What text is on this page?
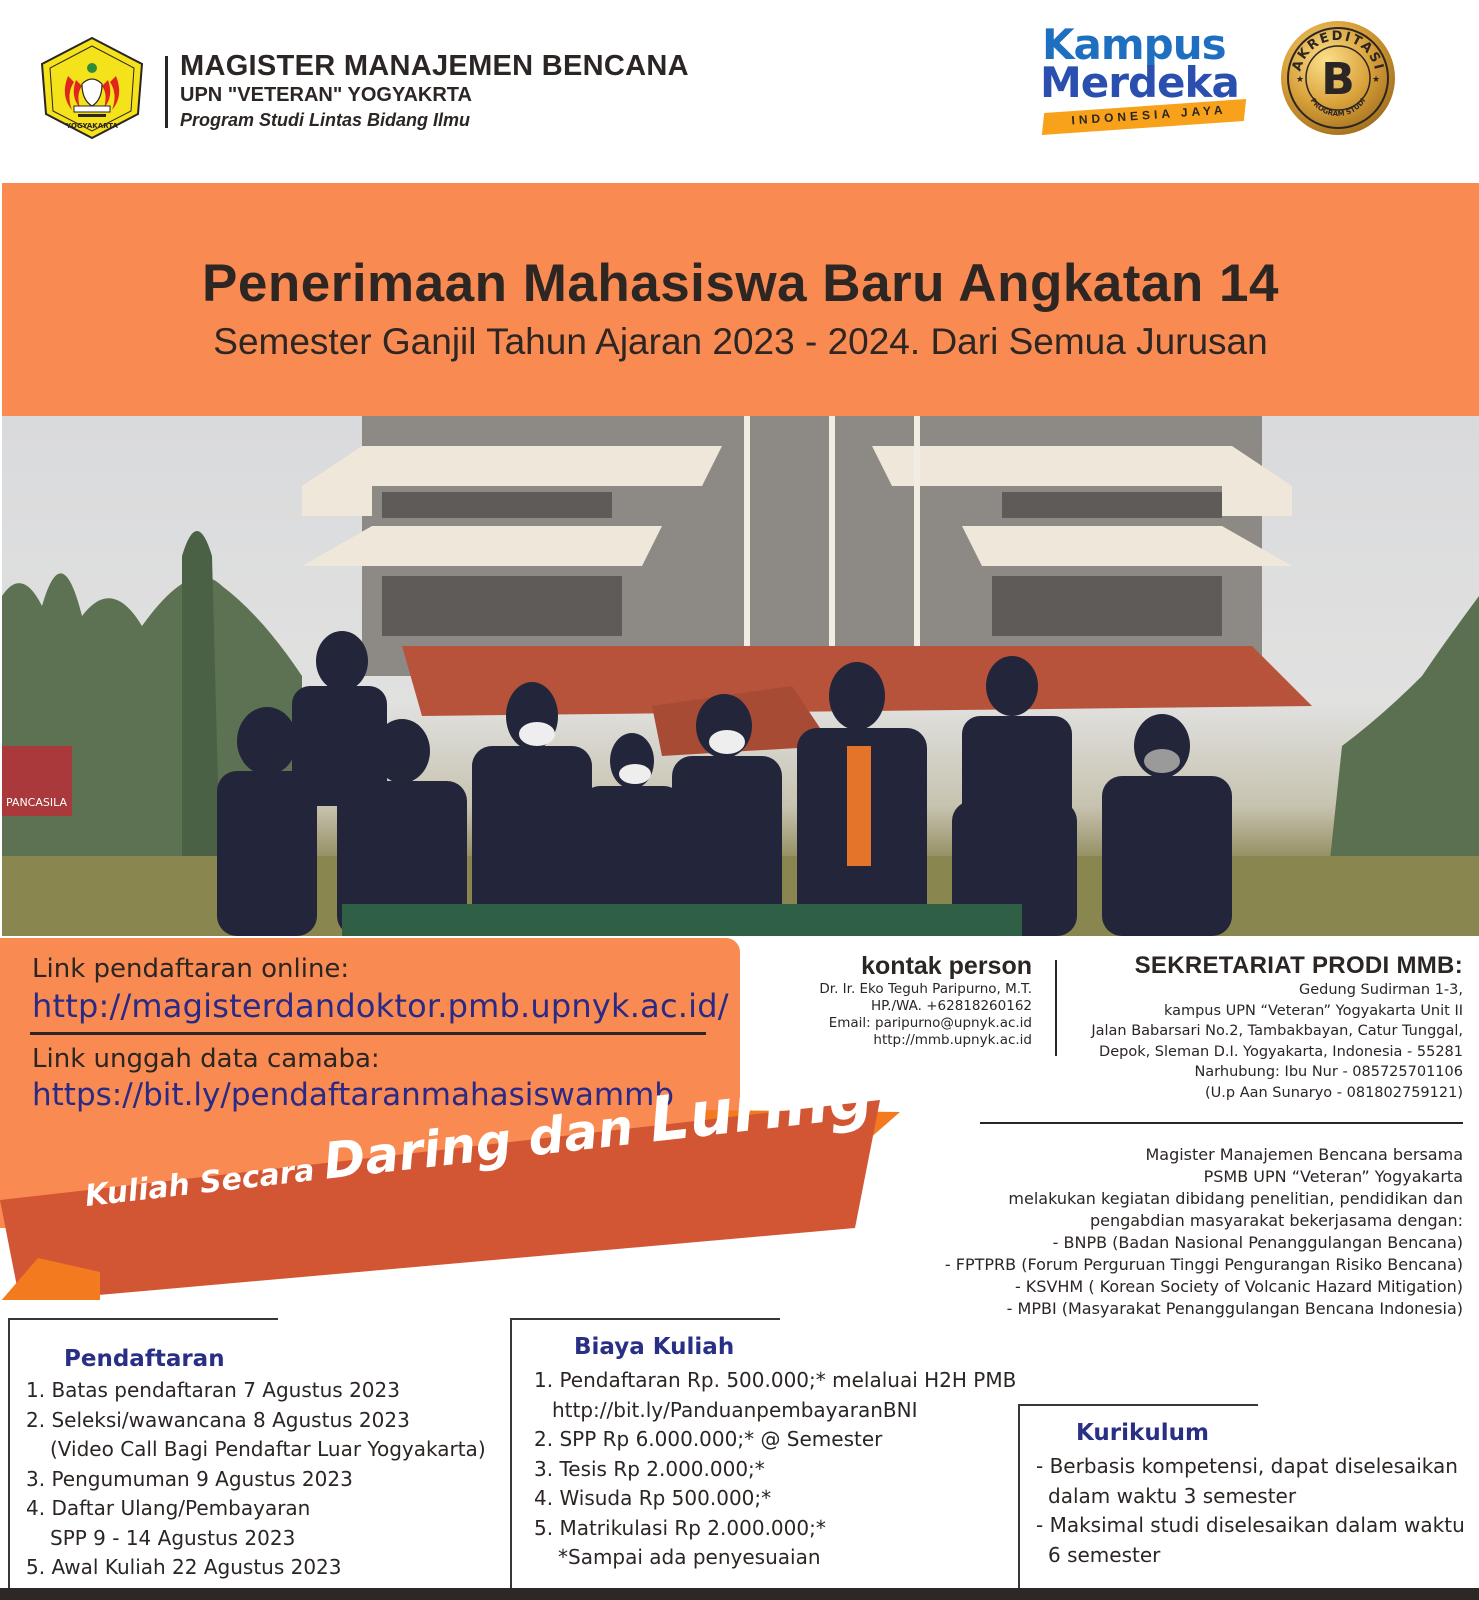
YOGYAKARTA
MAGISTER MANAJEMEN BENCANA
UPN "VETERAN" YOGYAKRTA
Program Studi Lintas Bidang Ilmu
Kampus
Merdeka
INDONESIA JAYA
AKREDITASI
B
PROGRAM STUDI
★	★
Penerimaan Mahasiswa Baru Angkatan 14
Semester Ganjil Tahun Ajaran 2023 - 2024. Dari Semua Jurusan
PANCASILA
Link pendaftaran online:
http://magisterdandoktor.pmb.upnyk.ac.id/
Link unggah data camaba:
https://bit.ly/pendaftaranmahasiswammb
Kuliah Secara Daring dan Luring
kontak person
Dr. Ir. Eko Teguh Paripurno, M.T.
HP./WA. +62818260162
Email: paripurno@upnyk.ac.id
http://mmb.upnyk.ac.id
SEKRETARIAT PRODI MMB:
Gedung Sudirman 1-3,
kampus UPN “Veteran” Yogyakarta Unit II
Jalan Babarsari No.2, Tambakbayan, Catur Tunggal,
Depok, Sleman D.I. Yogyakarta, Indonesia - 55281
Narhubung: Ibu Nur - 085725701106
(U.p Aan Sunaryo - 081802759121)
Magister Manajemen Bencana bersama
PSMB UPN “Veteran” Yogyakarta
melakukan kegiatan dibidang penelitian, pendidikan dan
pengabdian masyarakat bekerjasama dengan:
- BNPB (Badan Nasional Penanggulangan Bencana)
- FPTPRB (Forum Perguruan Tinggi Pengurangan Risiko Bencana)
- KSVHM ( Korean Society of Volcanic Hazard Mitigation)
- MPBI (Masyarakat Penanggulangan Bencana Indonesia)
Pendaftaran
1. Batas pendaftaran 7 Agustus 2023
2. Seleksi/wawancana 8 Agustus 2023
(Video Call Bagi Pendaftar Luar Yogyakarta)
3. Pengumuman 9 Agustus 2023
4. Daftar Ulang/Pembayaran
SPP 9 - 14 Agustus 2023
5. Awal Kuliah 22 Agustus 2023
Biaya Kuliah
1. Pendaftaran Rp. 500.000;* melaluai H2H PMB
http://bit.ly/PanduanpembayaranBNI
2. SPP Rp 6.000.000;* @ Semester
3. Tesis Rp 2.000.000;*
4. Wisuda Rp 500.000;*
5. Matrikulasi Rp 2.000.000;*
*Sampai ada penyesuaian
Kurikulum
- Berbasis kompetensi, dapat diselesaikan
dalam waktu 3 semester
- Maksimal studi diselesaikan dalam waktu
6 semester
